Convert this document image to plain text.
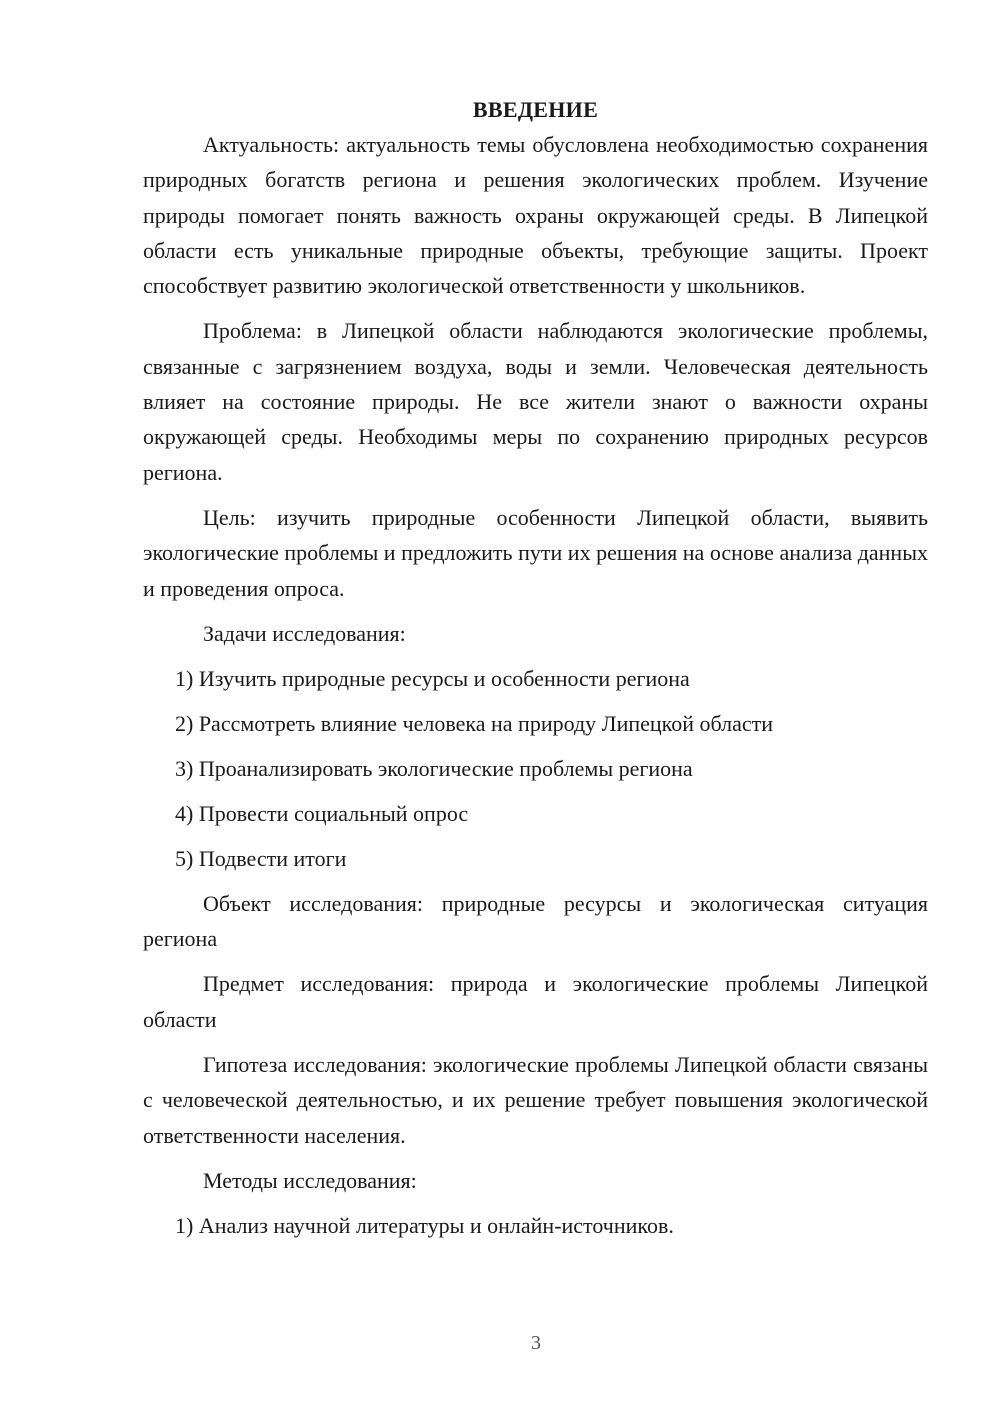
ВВЕДЕНИЕ

Актуальность: актуальность темы обусловлена необходимостью сохранения природных богатств региона и решения экологических проблем. Изучение природы помогает понять важность охраны окружающей среды. В Липецкой области есть уникальные природные объекты, требующие защиты. Проект способствует развитию экологической ответственности у школьников.

Проблема: в Липецкой области наблюдаются экологические проблемы, связанные с загрязнением воздуха, воды и земли. Человеческая деятельность влияет на состояние природы. Не все жители знают о важности охраны окружающей среды. Необходимы меры по сохранению природных ресурсов региона.

Цель: изучить природные особенности Липецкой области, выявить экологические проблемы и предложить пути их решения на основе анализа данных и проведения опроса.

Задачи исследования:

1) Изучить природные ресурсы и особенности региона
2) Рассмотреть влияние человека на природу Липецкой области
3) Проанализировать экологические проблемы региона
4) Провести социальный опрос
5) Подвести итоги

Объект исследования: природные ресурсы и экологическая ситуация региона

Предмет исследования: природа и экологические проблемы Липецкой области

Гипотеза исследования: экологические проблемы Липецкой области связаны с человеческой деятельностью, и их решение требует повышения экологической ответственности населения.

Методы исследования:

1) Анализ научной литературы и онлайн-источников.
3
